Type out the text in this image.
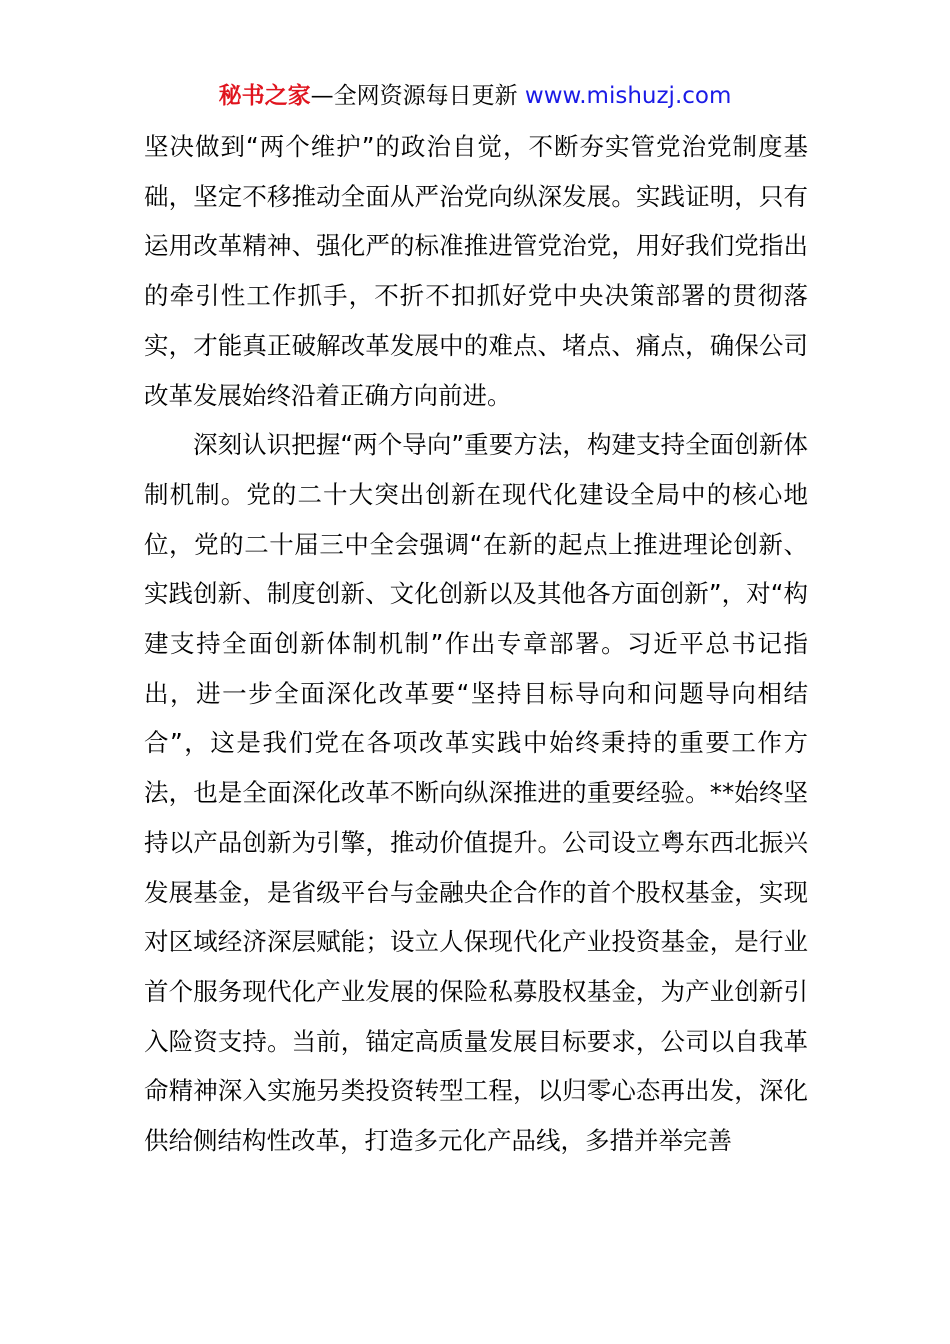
秘书之家—全网资源每日更新 www.mishuzj.com

坚决做到“两个维护”的政治自觉，不断夯实管党治党制度基础，坚定不移推动全面从严治党向纵深发展。实践证明，只有运用改革精神、强化严的标准推进管党治党，用好我们党指出的牵引性工作抓手，不折不扣抓好党中央决策部署的贯彻落实，才能真正破解改革发展中的难点、堵点、痛点，确保公司改革发展始终沿着正确方向前进。

深刻认识把握“两个导向”重要方法，构建支持全面创新体制机制。党的二十大突出创新在现代化建设全局中的核心地位，党的二十届三中全会强调“在新的起点上推进理论创新、实践创新、制度创新、文化创新以及其他各方面创新”，对“构建支持全面创新体制机制”作出专章部署。习近平总书记指出，进一步全面深化改革要“坚持目标导向和问题导向相结合”，这是我们党在各项改革实践中始终秉持的重要工作方法，也是全面深化改革不断向纵深推进的重要经验。**始终坚持以产品创新为引擎，推动价值提升。公司设立粤东西北振兴发展基金，是省级平台与金融央企合作的首个股权基金，实现对区域经济深层赋能；设立人保现代化产业投资基金，是行业首个服务现代化产业发展的保险私募股权基金，为产业创新引入险资支持。当前，锚定高质量发展目标要求，公司以自我革命精神深入实施另类投资转型工程，以归零心态再出发，深化供给侧结构性改革，打造多元化产品线，多措并举完善
